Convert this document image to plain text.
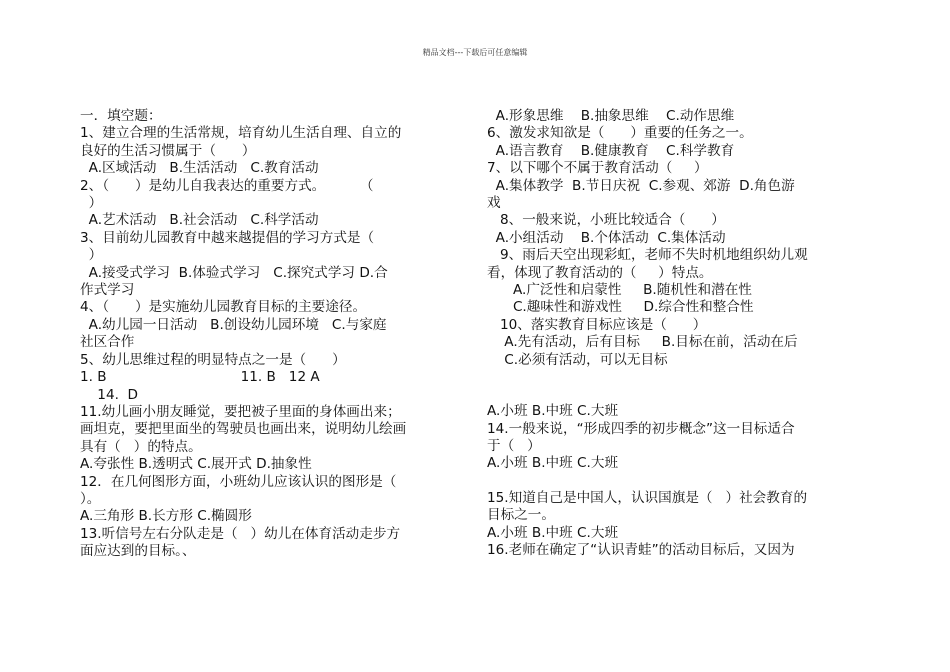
精品文档---下载后可任意编辑

一．填空题：

1、建立合理的生活常规，培育幼儿生活自理、自立的

良好的生活习惯属于（      ）

A.区域活动   B.生活活动   C.教育活动

2、（      ）是幼儿自我表达的重要方式。        （

）

A.艺术活动   B.社会活动   C.科学活动

3、目前幼儿园教育中越来越提倡的学习方式是（

）

A.接受式学习  B.体验式学习   C.探究式学习 D.合

作式学习

4、（      ）是实施幼儿园教育目标的主要途径。

A.幼儿园一日活动   B.创设幼儿园环境   C.与家庭

社区合作

5、幼儿思维过程的明显特点之一是（      ）

1. B                               11. B   12 A

14.  D

11.幼儿画小朋友睡觉，要把被子里面的身体画出来；

画坦克，要把里面坐的驾驶员也画出来，说明幼儿绘画

具有（   ）的特点。

A.夸张性 B.透明式 C.展开式 D.抽象性

12．在几何图形方面，小班幼儿应该认识的图形是（

）。

A.三角形 B.长方形 C.椭圆形

13.听信号左右分队走是（   ）幼儿在体育活动走步方

面应达到的目标。、

A.形象思维    B.抽象思维    C.动作思维

6、激发求知欲是（      ）重要的任务之一。

A.语言教育    B.健康教育    C.科学教育

7、以下哪个不属于教育活动（     ）

A.集体教学  B.节日庆祝  C.参观、郊游  D.角色游

戏

8、一般来说，小班比较适合（      ）

A.小组活动    B.个体活动  C.集体活动

9、雨后天空出现彩虹，老师不失时机地组织幼儿观

看，体现了教育活动的（     ）特点。

A.广泛性和启蒙性     B.随机性和潜在性

C.趣味性和游戏性     D.综合性和整合性

10、落实教育目标应该是（      ）

A.先有活动，后有目标     B.目标在前，活动在后

C.必须有活动，可以无目标

A.小班 B.中班 C.大班

14.一般来说，“形成四季的初步概念”这一目标适合

于（   ）

A.小班 B.中班 C.大班

15.知道自己是中国人，认识国旗是（   ）社会教育的

目标之一。

A.小班 B.中班 C.大班

16.老师在确定了“认识青蛙”的活动目标后，又因为
